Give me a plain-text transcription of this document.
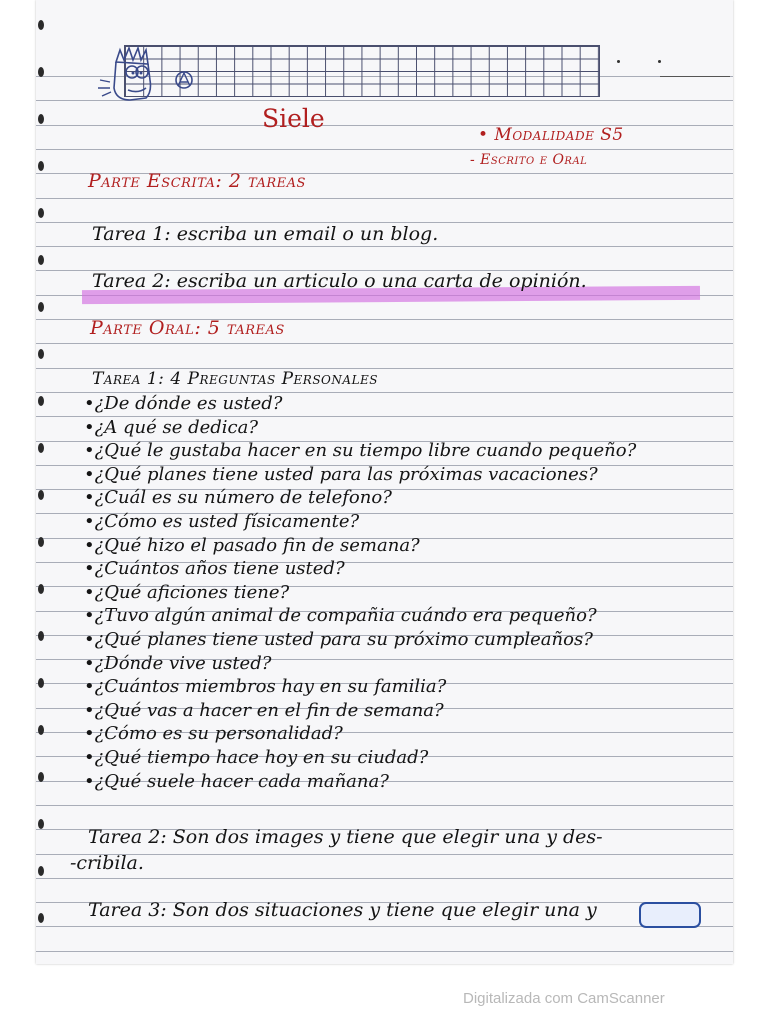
Siele
• Modalidade S5
- Escrito e Oral
Parte Escrita: 2 tareas
Tarea 1: escriba un email o un blog.
Tarea 2: escriba un articulo o una carta de opinión.
Parte Oral: 5 tareas
Tarea 1: 4 Preguntas Personales
•¿De dónde es usted?
•¿A qué se dedica?
•¿Qué le gustaba hacer en su tiempo libre cuando pequeño?
•¿Qué planes tiene usted para las próximas vacaciones?
•¿Cuál es su número de telefono?
•¿Cómo es usted físicamente?
•¿Qué hizo el pasado fin de semana?
•¿Cuántos años tiene usted?
•¿Qué aficiones tiene?
•¿Tuvo algún animal de compañia cuándo era pequeño?
•¿Qué planes tiene usted para su próximo cumpleaños?
•¿Dónde vive usted?
•¿Cuántos miembros hay en su familia?
•¿Qué vas a hacer en el fin de semana?
•¿Cómo es su personalidad?
•¿Qué tiempo hace hoy en su ciudad?
•¿Qué suele hacer cada mañana?
Tarea 2: Son dos images y tiene que elegir una y des-
-cribila.
Tarea 3: Son dos situaciones y tiene que elegir una y
Digitalizada com CamScanner
